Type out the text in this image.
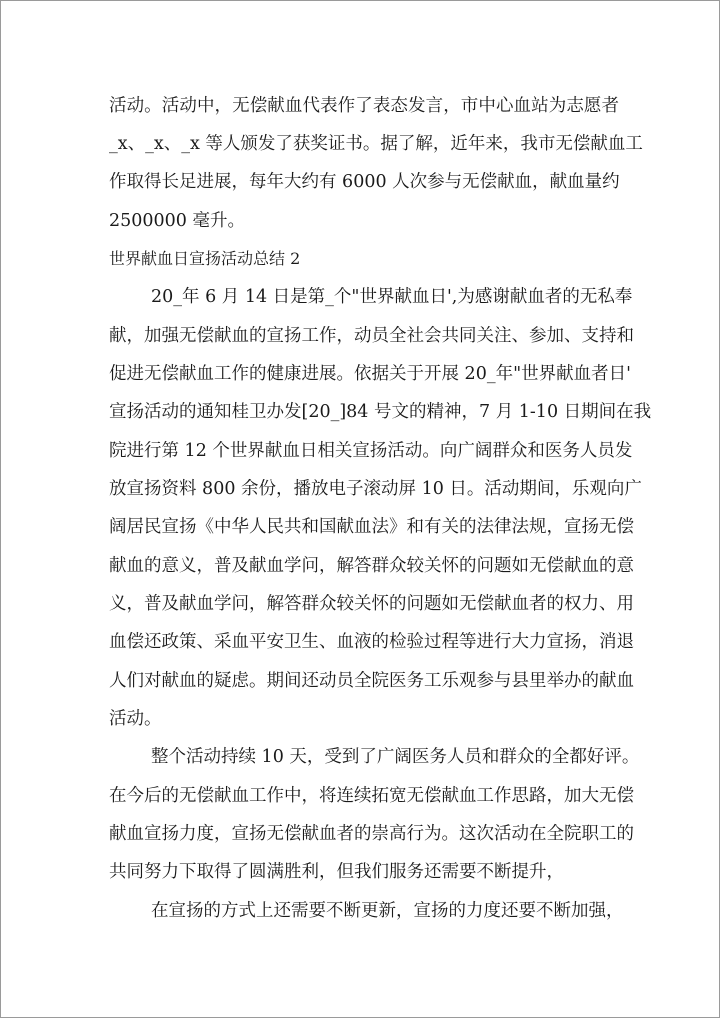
活动。活动中，无偿献血代表作了表态发言，市中心血站为志愿者
_x、_x、_x 等人颁发了获奖证书。据了解，近年来，我市无偿献血工
作取得长足进展，每年大约有 6000 人次参与无偿献血，献血量约
2500000 毫升。
世界献血日宣扬活动总结 2
20_年 6 月 14 日是第_个"世界献血日',为感谢献血者的无私奉
献，加强无偿献血的宣扬工作，动员全社会共同关注、参加、支持和
促进无偿献血工作的健康进展。依据关于开展 20_年"世界献血者日'
宣扬活动的通知桂卫办发[20_]84 号文的精神，7 月 1-10 日期间在我
院进行第 12 个世界献血日相关宣扬活动。向广阔群众和医务人员发
放宣扬资料 800 余份，播放电子滚动屏 10 日。活动期间，乐观向广
阔居民宣扬《中华人民共和国献血法》和有关的法律法规，宣扬无偿
献血的意义，普及献血学问，解答群众较关怀的问题如无偿献血的意
义，普及献血学问，解答群众较关怀的问题如无偿献血者的权力、用
血偿还政策、采血平安卫生、血液的检验过程等进行大力宣扬，消退
人们对献血的疑虑。期间还动员全院医务工乐观参与县里举办的献血
活动。
整个活动持续 10 天，受到了广阔医务人员和群众的全都好评。
在今后的无偿献血工作中，将连续拓宽无偿献血工作思路，加大无偿
献血宣扬力度，宣扬无偿献血者的崇高行为。这次活动在全院职工的
共同努力下取得了圆满胜利，但我们服务还需要不断提升，
在宣扬的方式上还需要不断更新，宣扬的力度还要不断加强，
